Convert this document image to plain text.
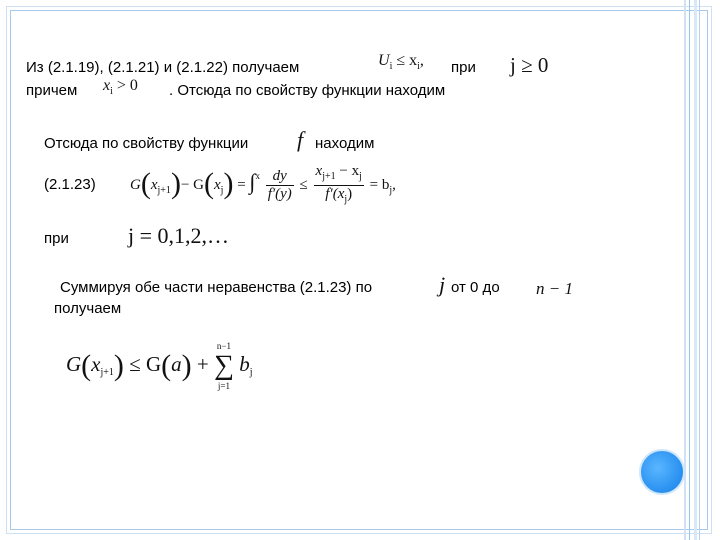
Из (2.1.19), (2.1.21) и (2.1.22) получаем	$U_i \le x_i$, при j ≥ 0
причем $x_i > 0$ . Отсюда по свойству функции находим
Отсюда по свойству функции f находим
(2.1.23) $G(x_{j+1})- G(x_j) = \int^x \frac{dy}{f'(y)} \le \frac{x_{j+1} - x_j}{f'(x_j)} = b_j$,
при	j = 0,1,2,…
Суммируя обе части неравенства (2.1.23) по	j от 0 до n − 1
получаем
$G(x_{j+1}) \le G(a)$ +
n−1
∑
j=1
$b_j$
